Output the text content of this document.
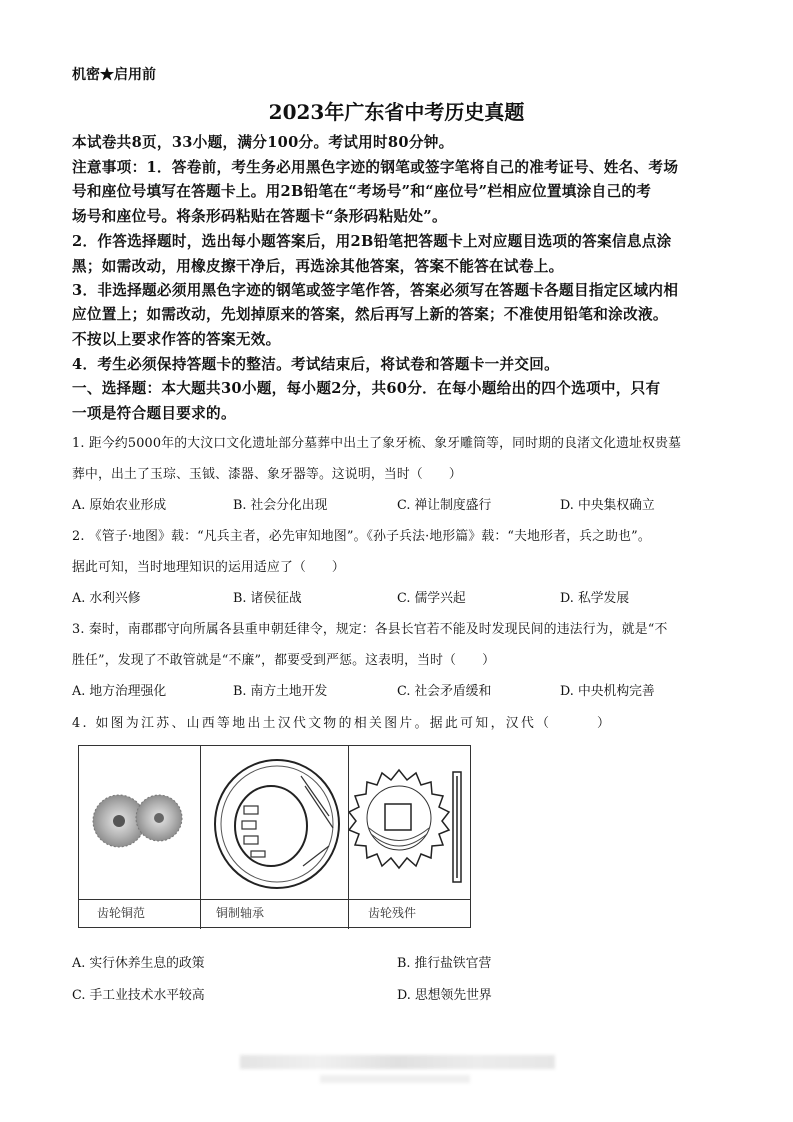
机密★启用前
2023年广东省中考历史真题
本试卷共8页，33小题，满分100分。考试用时80分钟。
注意事项：1．答卷前，考生务必用黑色字迹的钢笔或签字笔将自己的准考证号、姓名、考场
号和座位号填写在答题卡上。用2B铅笔在“考场号”和“座位号”栏相应位置填涂自己的考
场号和座位号。将条形码粘贴在答题卡“条形码粘贴处”。
2．作答选择题时，选出每小题答案后，用2B铅笔把答题卡上对应题目选项的答案信息点涂
黑；如需改动，用橡皮擦干净后，再选涂其他答案，答案不能答在试卷上。
3．非选择题必须用黑色字迹的钢笔或签字笔作答，答案必须写在答题卡各题目指定区域内相
应位置上；如需改动，先划掉原来的答案，然后再写上新的答案；不准使用铅笔和涂改液。
不按以上要求作答的答案无效。
4．考生必须保持答题卡的整洁。考试结束后，将试卷和答题卡一并交回。
一、选择题：本大题共30小题，每小题2分，共60分．在每小题给出的四个选项中，只有
一项是符合题目要求的。
1. 距今约5000年的大汶口文化遗址部分墓葬中出土了象牙梳、象牙雕筒等，同时期的良渚文化遗址权贵墓
葬中，出土了玉琮、玉钺、漆器、象牙器等。这说明，当时（　　）
A. 原始农业形成	B. 社会分化出现	C. 禅让制度盛行	D. 中央集权确立
2. 《管子·地图》载：“凡兵主者，必先审知地图”。《孙子兵法·地形篇》载：“夫地形者，兵之助也”。
据此可知，当时地理知识的运用适应了（　　）
A. 水利兴修	B. 诸侯征战	C. 儒学兴起	D. 私学发展
3. 秦时，南郡郡守向所属各县重申朝廷律令，规定：各县长官若不能及时发现民间的违法行为，就是“不
胜任”，发现了不敢管就是“不廉”，都要受到严惩。这表明，当时（　　）
A. 地方治理强化	B. 南方土地开发	C. 社会矛盾缓和	D. 中央机构完善
4. 如图为江苏、山西等地出土汉代文物的相关图片。据此可知，汉代（　　　）
齿轮铜范	铜制轴承	齿轮残件
A. 实行休养生息的政策	B. 推行盐铁官营
C. 手工业技术水平较高	D. 思想领先世界
